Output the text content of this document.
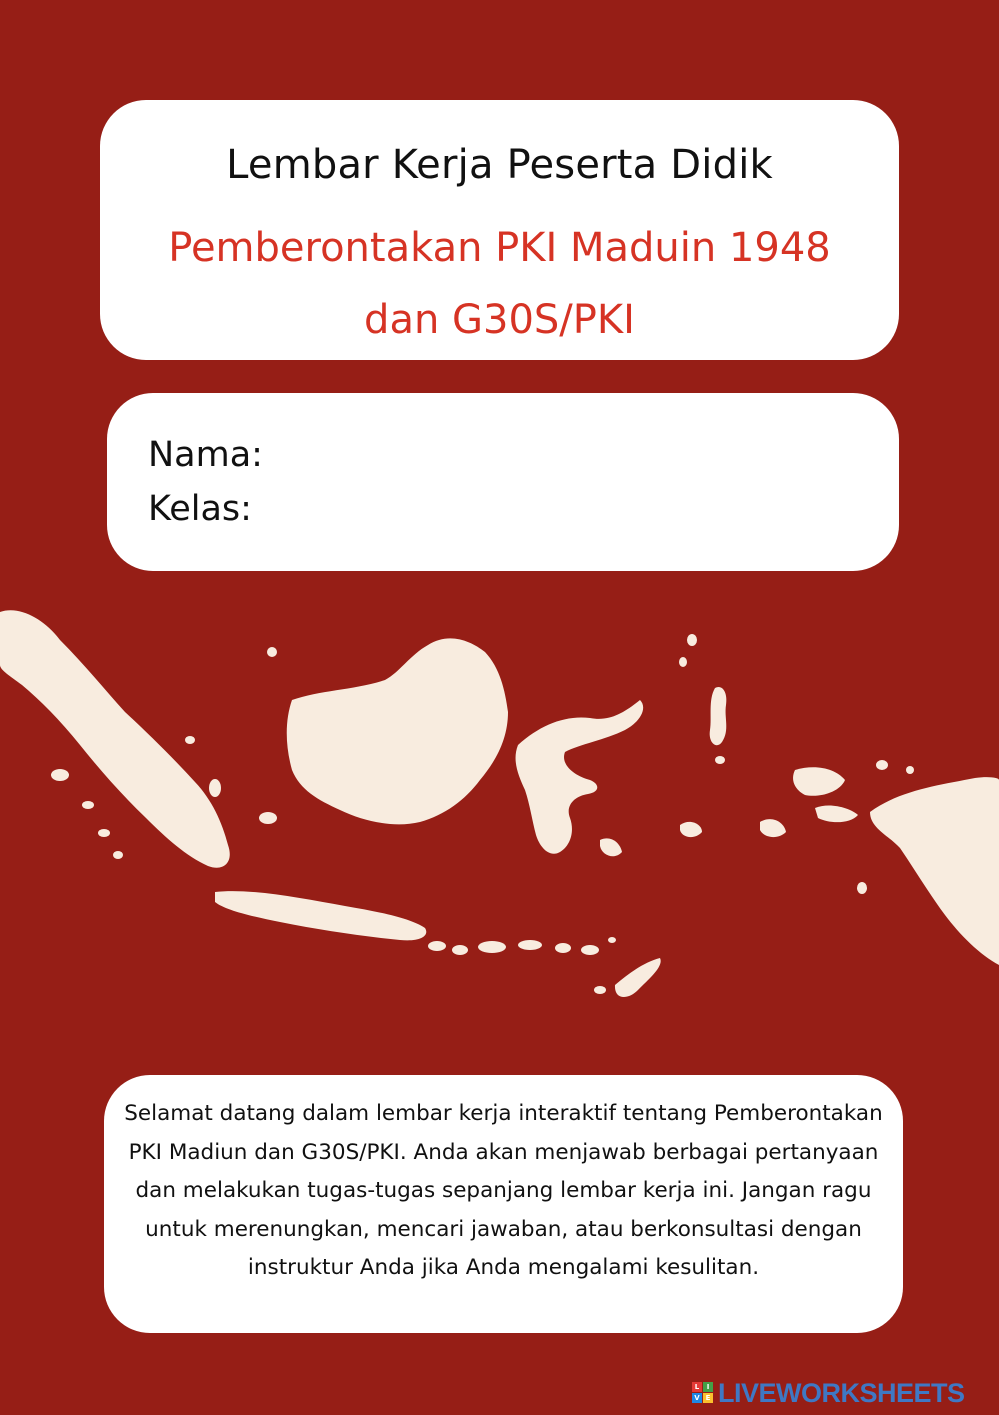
Lembar Kerja Peserta Didik
Pemberontakan PKI Maduin 1948
dan G30S/PKI
Nama:
Kelas:
Selamat datang dalam lembar kerja interaktif tentang Pemberontakan PKI Madiun dan G30S/PKI. Anda akan menjawab berbagai pertanyaan dan melakukan tugas-tugas sepanjang lembar kerja ini. Jangan ragu untuk merenungkan, mencari jawaban, atau berkonsultasi dengan instruktur Anda jika Anda mengalami kesulitan.
L	I
V E LIVEWORKSHEETS
